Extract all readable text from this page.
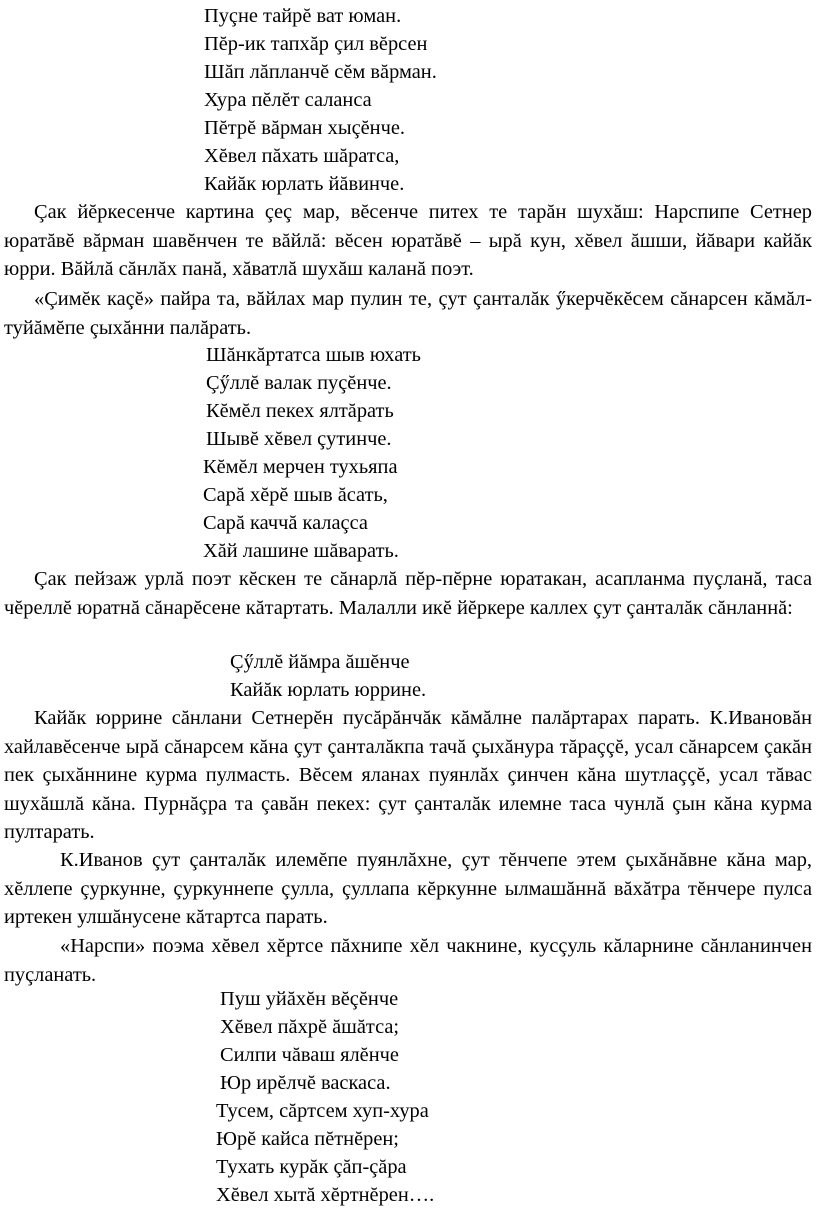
Пуçне тайрĕ ват юман.
Пĕр-ик тапхăр çил вĕрсен
Шăп лăпланчĕ сĕм вăрман.
Хура пĕлĕт саланса
Пĕтрĕ вăрман хыçĕнче.
Хĕвел пăхать шăратса,
Кайăк юрлать йăвинче.
Çак йĕркесенче картина çеç мар, вĕсенче питех те тарăн шухăш: Нарспипе Сетнер юратăвĕ вăрман шавĕнчен те вăйлă: вĕсен юратăвĕ – ырă кун, хĕвел ăшши, йăвари кайăк юрри. Вăйлă сăнлăх панă, хăватлă шухăш каланă поэт.
«Çимĕк каçĕ» пайра та, вăйлах мар пулин те, çут çанталăк ӳкерчĕкĕсем сăнарсен кăмăл-туйăмĕпе çыхăнни палăрать.
Шăнкăртатса шыв юхать
Çӳллĕ валак пуçĕнче.
Кĕмĕл пекех ялтăрать
Шывĕ хĕвел çутинче.
Кĕмĕл мерчен тухьяпа
Сарă хĕрĕ шыв ăсать,
Сарă каччă калаçса
Хăй лашине шăварать.
Çак пейзаж урлă поэт кĕскен те сăнарлă пĕр-пĕрне юратакан, асапланма пуçланă, таса чĕреллĕ юратнă сăнарĕсене кăтартать. Малалли икĕ йĕркере каллех çут çанталăк сăнланнă:
Çӳллĕ йăмра ăшĕнче
Кайăк юрлать юррине.
Кайăк юррине сăнлани Сетнерĕн пусăрăнчăк кăмăлне палăртарах парать. К.Ивановăн хайлавĕсенче ырă сăнарсем кăна çут çанталăкпа тачă çыхăнура тăраççĕ, усал сăнарсем çакăн пек çыхăннине курма пулмасть. Вĕсем яланах пуянлăх çинчен кăна шутлаççĕ, усал тăвас шухăшлă кăна. Пурнăçра та çавăн пекех: çут çанталăк илемне таса чунлă çын кăна курма пултарать.
К.Иванов çут çанталăк илемĕпе пуянлăхне, çут тĕнчепе этем çыхăнăвне кăна мар, хĕллепе çуркунне, çуркуннепе çулла, çуллапа кĕркунне ылмашăннă вăхăтра тĕнчере пулса иртекен улшăнусене кăтартса парать.
«Нарспи» поэма хĕвел хĕртсе пăхнипе хĕл чакнине, кусçуль кăларнине сăнланинчен пуçланать.
Пуш уйăхĕн вĕçĕнче
Хĕвел пăхрĕ ăшăтса;
Силпи чăваш ялĕнче
Юр ирĕлчĕ васкаса.
Тусем, сăртсем хуп-хура
Юрĕ кайса пĕтнĕрен;
Тухать курăк çăп-çăра
Хĕвел хытă хĕртнĕрен….
